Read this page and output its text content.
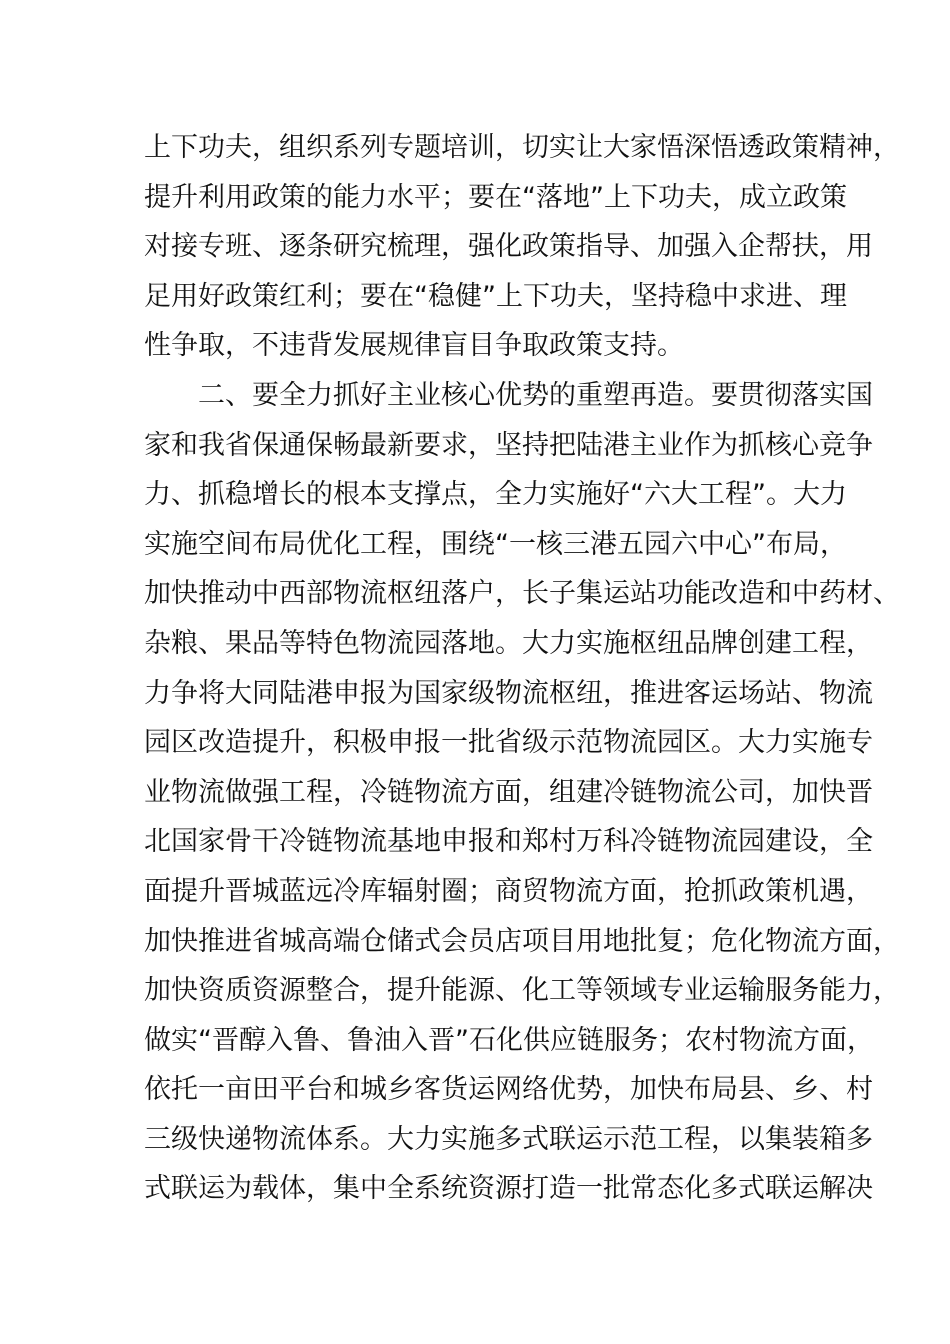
上下功夫，组织系列专题培训，切实让大家悟深悟透政策精神，
提升利用政策的能力水平；要在“落地”上下功夫，成立政策
对接专班、逐条研究梳理，强化政策指导、加强入企帮扶，用
足用好政策红利；要在“稳健”上下功夫，坚持稳中求进、理
性争取，不违背发展规律盲目争取政策支持。
二、要全力抓好主业核心优势的重塑再造。要贯彻落实国
家和我省保通保畅最新要求，坚持把陆港主业作为抓核心竞争
力、抓稳增长的根本支撑点，全力实施好“六大工程”。大力
实施空间布局优化工程，围绕“一核三港五园六中心”布局，
加快推动中西部物流枢纽落户，长子集运站功能改造和中药材、
杂粮、果品等特色物流园落地。大力实施枢纽品牌创建工程，
力争将大同陆港申报为国家级物流枢纽，推进客运场站、物流
园区改造提升，积极申报一批省级示范物流园区。大力实施专
业物流做强工程，冷链物流方面，组建冷链物流公司，加快晋
北国家骨干冷链物流基地申报和郑村万科冷链物流园建设，全
面提升晋城蓝远冷库辐射圈；商贸物流方面，抢抓政策机遇，
加快推进省城高端仓储式会员店项目用地批复；危化物流方面，
加快资质资源整合，提升能源、化工等领域专业运输服务能力，
做实“晋醇入鲁、鲁油入晋”石化供应链服务；农村物流方面，
依托一亩田平台和城乡客货运网络优势，加快布局县、乡、村
三级快递物流体系。大力实施多式联运示范工程，以集装箱多
式联运为载体，集中全系统资源打造一批常态化多式联运解决
